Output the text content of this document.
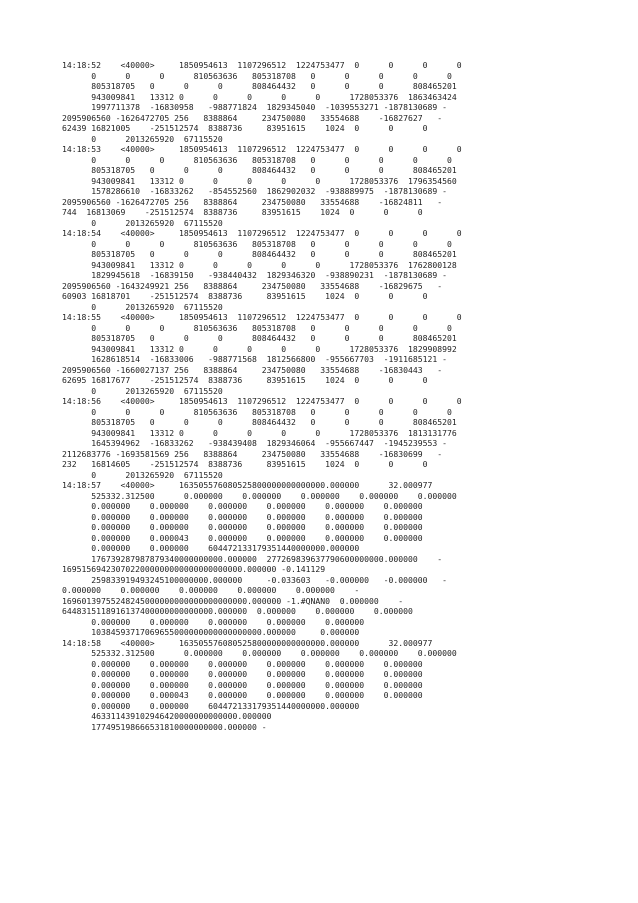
14:18:52    <40000>     1850954613  1107296512  1224753477  0      0      0      0
0      0      0      810563636   805318708   0      0      0      0      0
805318705   0      0      0      808464432   0      0      0      808465201
943009841   13312 0      0      0      0      0      1728053376  1863463424
1997711378  -16830958   -988771824  1829345040  -1039553271 -1878130689 -
2095906560 -1626472705 256   8388864     234750080   33554688    -16827627   -
62439 16821005    -251512574  8388736     83951615    1024  0      0      0
0      2013265920  67115520
14:18:53    <40000>     1850954613  1107296512  1224753477  0      0      0      0
0      0      0      810563636   805318708   0      0      0      0      0
805318705   0      0      0      808464432   0      0      0      808465201
943009841   13312 0      0      0      0      0      1728053376  1796354560
1578286610  -16833262   -854552560  1862902032  -938889975  -1878130689 -
2095906560 -1626472705 256   8388864     234750080   33554688    -16824811   -
744  16813069    -251512574  8388736     83951615    1024  0      0      0
0      2013265920  67115520
14:18:54    <40000>     1850954613  1107296512  1224753477  0      0      0      0
0      0      0      810563636   805318708   0      0      0      0      0
805318705   0      0      0      808464432   0      0      0      808465201
943009841   13312 0      0      0      0      0      1728053376  1762800128
1829945618  -16839150   -938440432  1829346320  -938890231  -1878130689 -
2095906560 -1643249921 256   8388864     234750080   33554688    -16829675   -
60903 16818701    -251512574  8388736     83951615    1024  0      0      0
0      2013265920  67115520
14:18:55    <40000>     1850954613  1107296512  1224753477  0      0      0      0
0      0      0      810563636   805318708   0      0      0      0      0
805318705   0      0      0      808464432   0      0      0      808465201
943009841   13312 0      0      0      0      0      1728053376  1829908992
1628618514  -16833006   -988771568  1812566800  -955667703  -1911685121 -
2095906560 -1660027137 256   8388864     234750080   33554688    -16830443   -
62695 16817677    -251512574  8388736     83951615    1024  0      0      0
0      2013265920  67115520
14:18:56    <40000>     1850954613  1107296512  1224753477  0      0      0      0
0      0      0      810563636   805318708   0      0      0      0      0
805318705   0      0      0      808464432   0      0      0      808465201
943009841   13312 0      0      0      0      0      1728053376  1813131776
1645394962  -16833262   -938439408  1829346064  -955667447  -1945239553 -
2112683776 -1693581569 256   8388864     234750080   33554688    -16830699   -
232   16814605    -251512574  8388736     83951615    1024  0      0      0
0      2013265920  67115520
14:18:57    <40000>     163505576080525800000000000000.000000      32.000977
525332.312500      0.000000    0.000000    0.000000    0.000000    0.000000
0.000000    0.000000    0.000000    0.000000    0.000000    0.000000
0.000000    0.000000    0.000000    0.000000    0.000000    0.000000
0.000000    0.000000    0.000000    0.000000    0.000000    0.000000
0.000000    0.000043    0.000000    0.000000    0.000000    0.000000
0.000000    0.000000    604472133179351440000000.000000
176739287987879340000000000.000000  277269839637790600000000.000000    -
1695156942307022000000000000000000000.000000 -0.141129
259833919493245100000000.000000     -0.033603   -0.000000   -0.000000   -
0.000000    0.000000    0.000000    0.000000    0.000000    -
16960139755248245000000000000000000000.000000 -1.#QNAN0  0.000000    -
6448315118916137400000000000000.000000  0.000000    0.000000    0.000000
0.000000    0.000000    0.000000    0.000000    0.000000
10384593717069655000000000000000000.000000     0.000000
14:18:58    <40000>     163505576080525800000000000000.000000      32.000977
525332.312500      0.000000    0.000000    0.000000    0.000000    0.000000
0.000000    0.000000    0.000000    0.000000    0.000000    0.000000
0.000000    0.000000    0.000000    0.000000    0.000000    0.000000
0.000000    0.000000    0.000000    0.000000    0.000000    0.000000
0.000000    0.000043    0.000000    0.000000    0.000000    0.000000
0.000000    0.000000    604472133179351440000000.000000
463311439102946420000000000000.000000
177495198666531810000000000.000000 -
